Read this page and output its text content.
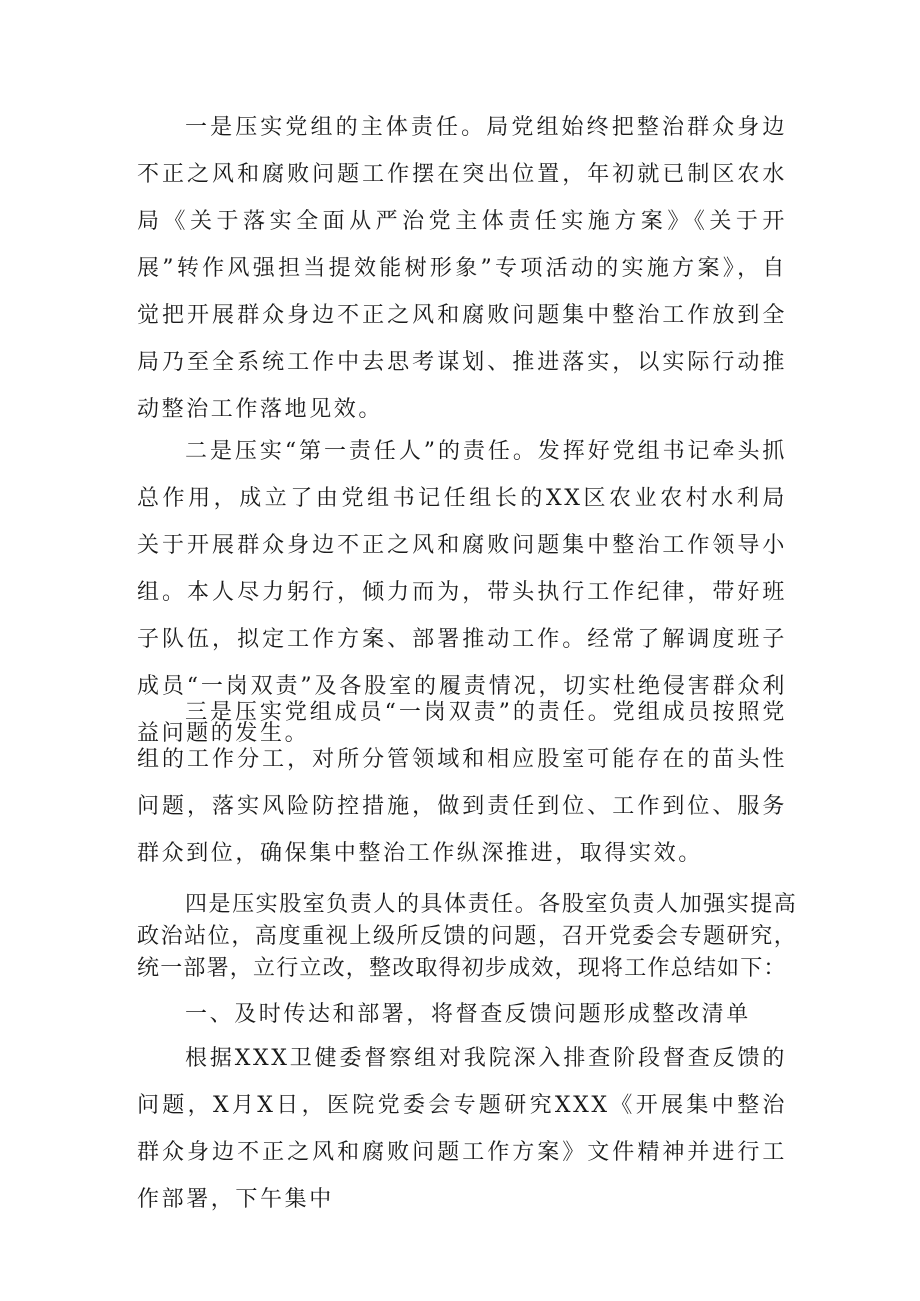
一是压实党组的主体责任。局党组始终把整治群众身边不正之风和腐败问题工作摆在突出位置，年初就已制区农水局《关于落实全面从严治党主体责任实施方案》《关于开展”转作风强担当提效能树形象”专项活动的实施方案》，自觉把开展群众身边不正之风和腐败问题集中整治工作放到全局乃至全系统工作中去思考谋划、推进落实，以实际行动推动整治工作落地见效。

二是压实“第一责任人”的责任。发挥好党组书记牵头抓总作用，成立了由党组书记任组长的XX区农业农村水利局关于开展群众身边不正之风和腐败问题集中整治工作领导小组。本人尽力躬行，倾力而为，带头执行工作纪律，带好班子队伍，拟定工作方案、部署推动工作。经常了解调度班子成员“一岗双责”及各股室的履责情况，切实杜绝侵害群众利益问题的发生。

三是压实党组成员“一岗双责”的责任。党组成员按照党组的工作分工，对所分管领域和相应股室可能存在的苗头性问题，落实风险防控措施，做到责任到位、工作到位、服务群众到位，确保集中整治工作纵深推进，取得实效。

四是压实股室负责人的具体责任。各股室负责人加强实提高政治站位，高度重视上级所反馈的问题，召开党委会专题研究，统一部署，立行立改，整改取得初步成效，现将工作总结如下：

一、及时传达和部署，将督查反馈问题形成整改清单

根据XXX卫健委督察组对我院深入排查阶段督查反馈的问题，X月X日，医院党委会专题研究XXX《开展集中整治群众身边不正之风和腐败问题工作方案》文件精神并进行工作部署，下午集中
